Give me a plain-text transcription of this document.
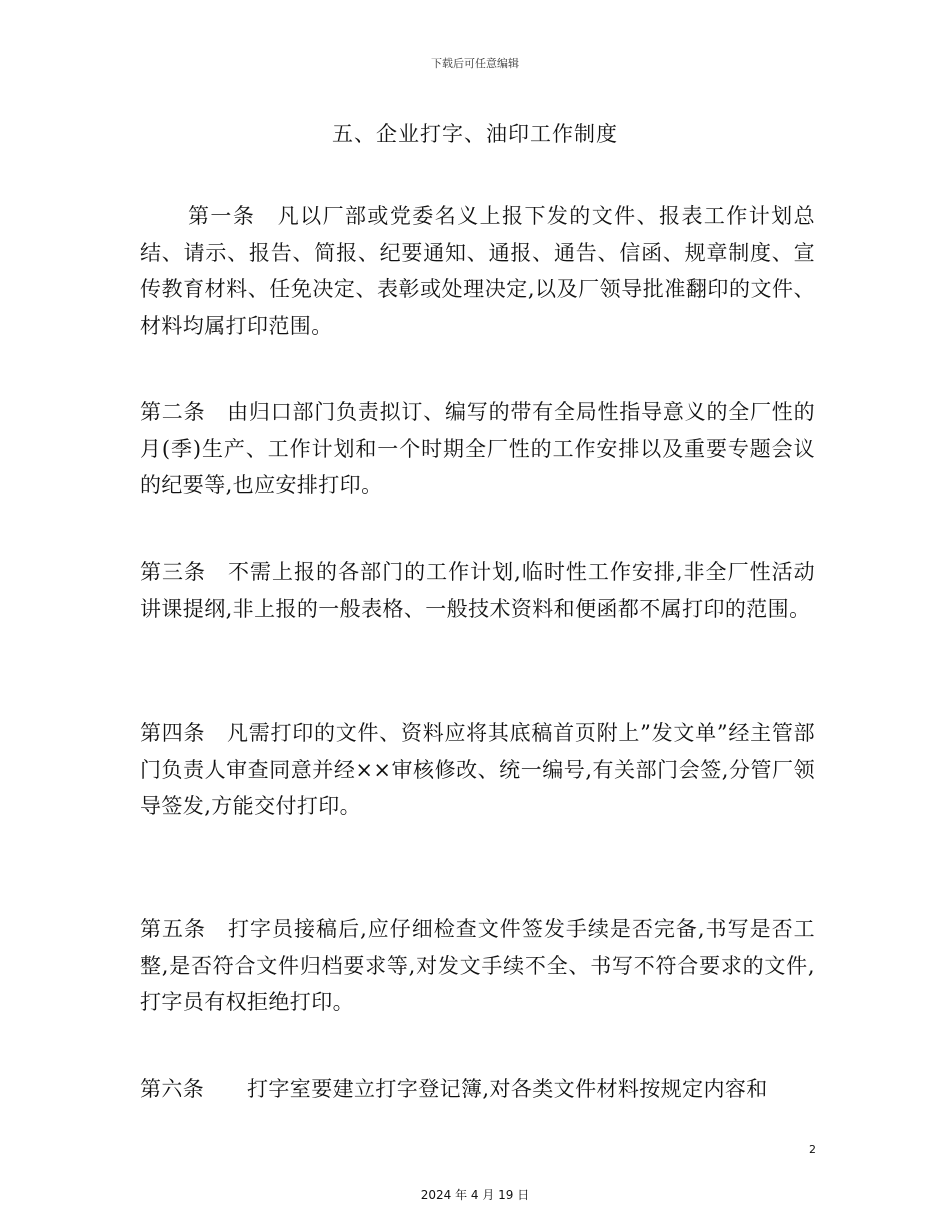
下载后可任意编辑
五、企业打字、油印工作制度
第一条　凡以厂部或党委名义上报下发的文件、报表工作计划总结、请示、报告、简报、纪要通知、通报、通告、信函、规章制度、宣传教育材料、任免决定、表彰或处理决定,以及厂领导批准翻印的文件、材料均属打印范围。
第二条　由归口部门负责拟订、编写的带有全局性指导意义的全厂性的月(季)生产、工作计划和一个时期全厂性的工作安排以及重要专题会议的纪要等,也应安排打印。
第三条　不需上报的各部门的工作计划,临时性工作安排,非全厂性活动讲课提纲,非上报的一般表格、一般技术资料和便函都不属打印的范围。
第四条　凡需打印的文件、资料应将其底稿首页附上”发文单”经主管部门负责人审查同意并经××审核修改、统一编号,有关部门会签,分管厂领导签发,方能交付打印。
第五条　打字员接稿后,应仔细检查文件签发手续是否完备,书写是否工整,是否符合文件归档要求等,对发文手续不全、书写不符合要求的文件,打字员有权拒绝打印。
第六条　　打字室要建立打字登记簿,对各类文件材料按规定内容和
2
2024 年 4 月 19 日
